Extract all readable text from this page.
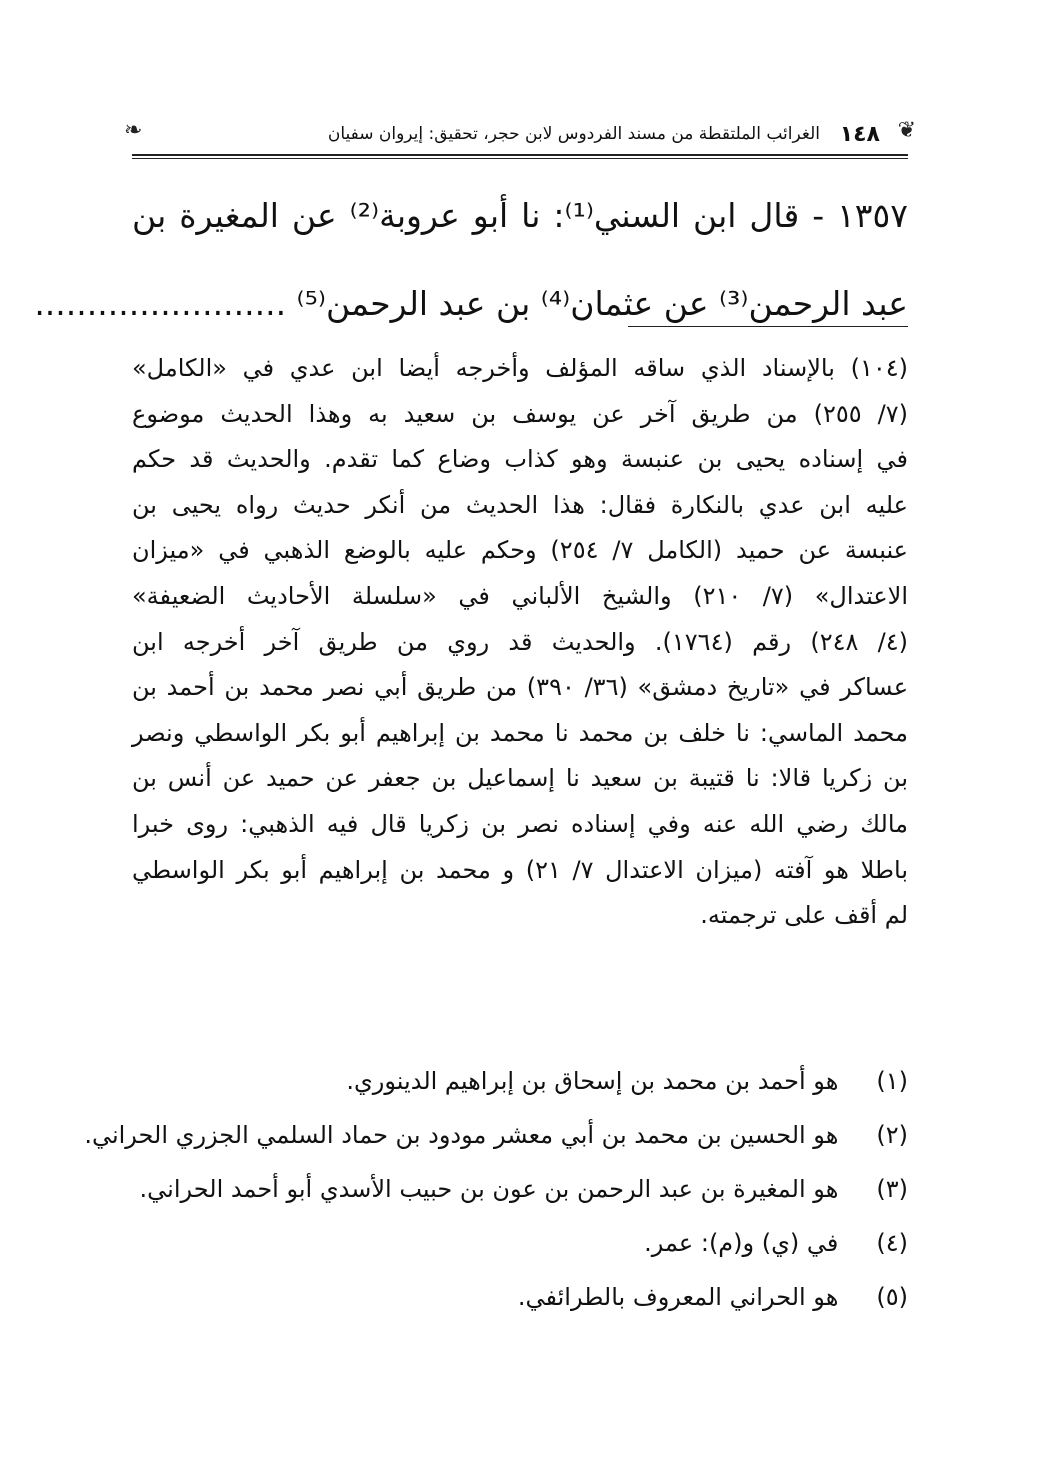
❦
١٤٨
الغرائب الملتقطة من مسند الفردوس لابن حجر، تحقيق: إيروان سفيان
❧
١٣٥٧ - قال ابن السني⁽¹⁾: نا أبو عروبة⁽²⁾ عن المغيرة بن
عبد الرحمن⁽³⁾ عن عثمان⁽⁴⁾ بن عبد الرحمن⁽⁵⁾ ........................
(١٠٤) بالإسناد الذي ساقه المؤلف وأخرجه أيضا ابن عدي في «الكامل»
(٧/ ٢٥٥) من طريق آخر عن يوسف بن سعيد به وهذا الحديث موضوع
في إسناده يحيى بن عنبسة وهو كذاب وضاع كما تقدم. والحديث قد حكم
عليه ابن عدي بالنكارة فقال: هذا الحديث من أنكر حديث رواه يحيى بن
عنبسة عن حميد (الكامل ٧/ ٢٥٤) وحكم عليه بالوضع الذهبي في «ميزان
الاعتدال» (٧/ ٢١٠) والشيخ الألباني في «سلسلة الأحاديث الضعيفة»
(٤/ ٢٤٨) رقم (١٧٦٤). والحديث قد روي من طريق آخر أخرجه ابن
عساكر في «تاريخ دمشق» (٣٦/ ٣٩٠) من طريق أبي نصر محمد بن أحمد بن
محمد الماسي: نا خلف بن محمد نا محمد بن إبراهيم أبو بكر الواسطي ونصر
بن زكريا قالا: نا قتيبة بن سعيد نا إسماعيل بن جعفر عن حميد عن أنس بن
مالك رضي الله عنه وفي إسناده نصر بن زكريا قال فيه الذهبي: روى خبرا
باطلا هو آفته (ميزان الاعتدال ٧/ ٢١) و محمد بن إبراهيم أبو بكر الواسطي
لم أقف على ترجمته.
(١) هو أحمد بن محمد بن إسحاق بن إبراهيم الدينوري.
(٢) هو الحسين بن محمد بن أبي معشر مودود بن حماد السلمي الجزري الحراني.
(٣) هو المغيرة بن عبد الرحمن بن عون بن حبيب الأسدي أبو أحمد الحراني.
(٤) في (ي) و(م): عمر.
(٥) هو الحراني المعروف بالطرائفي.
